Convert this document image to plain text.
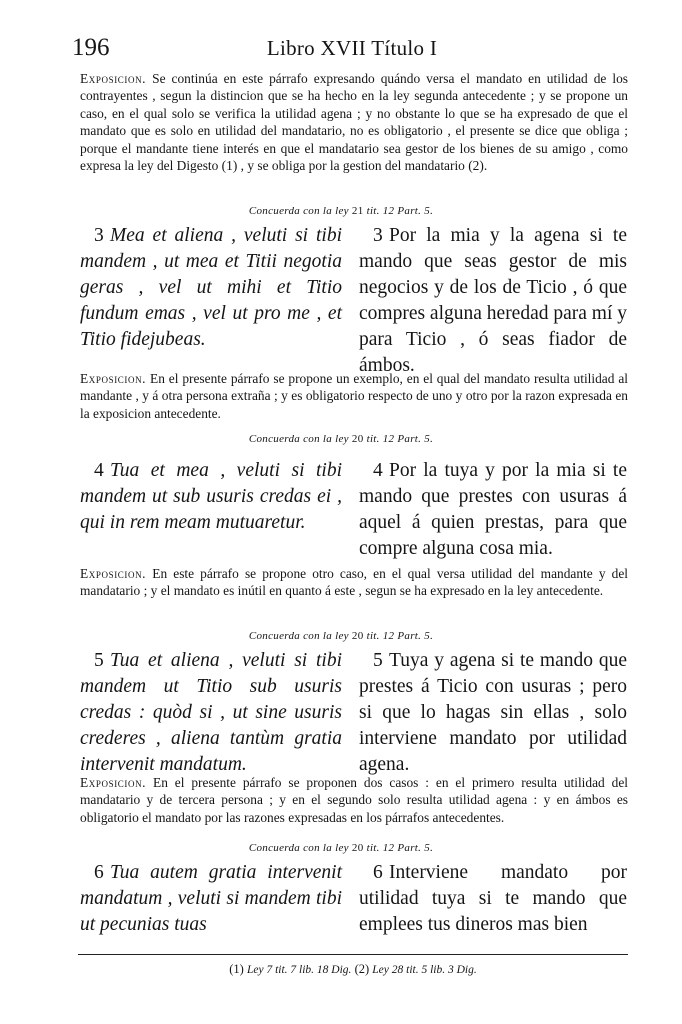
196	Libro XVII Título I

Exposicion. Se continúa en este párrafo expresando quándo versa el mandato en utilidad de los contrayentes , segun la distincion que se ha hecho en la ley segunda antecedente ; y se propone un caso, en el qual solo se verifica la utilidad agena ; y no obstante lo que se ha expresado de que el mandato que es solo en utilidad del mandatario, no es obligatorio , el presente se dice que obliga ; porque el mandante tiene interés en que el mandatario sea gestor de los bienes de su amigo , como expresa la ley del Digesto (1) , y se obliga por la gestion del mandatario (2).

Concuerda con la ley 21 tit. 12 Part. 5.

3 Mea et aliena , veluti si tibi mandem , ut mea et Titii negotia geras , vel ut mihi et Titio fundum emas , vel ut pro me , et Titio fidejubeas.

3 Por la mia y la agena si te mando que seas gestor de mis negocios y de los de Ticio , ó que compres alguna heredad para mí y para Ticio , ó seas fiador de ámbos.

Exposicion. En el presente párrafo se propone un exemplo, en el qual del mandato resulta utilidad al mandante , y á otra persona extraña ; y es obligatorio respecto de uno y otro por la razon expresada en la exposicion antecedente.

Concuerda con la ley 20 tit. 12 Part. 5.

4 Tua et mea , veluti si tibi mandem ut sub usuris credas ei , qui in rem meam mutuaretur.

4 Por la tuya y por la mia si te mando que prestes con usuras á aquel á quien prestas, para que compre alguna cosa mia.

Exposicion. En este párrafo se propone otro caso, en el qual versa utilidad del mandante y del mandatario ; y el mandato es inútil en quanto á este , segun se ha expresado en la ley antecedente.

Concuerda con la ley 20 tit. 12 Part. 5.

5 Tua et aliena , veluti si tibi mandem ut Titio sub usuris credas : quòd si , ut sine usuris crederes , aliena tantùm gratia intervenit mandatum.

5 Tuya y agena si te mando que prestes á Ticio con usuras ; pero si que lo hagas sin ellas , solo interviene mandato por utilidad agena.

Exposicion. En el presente párrafo se proponen dos casos : en el primero resulta utilidad del mandatario y de tercera persona ; y en el segundo solo resulta utilidad agena : y en ámbos es obligatorio el mandato por las razones expresadas en los párrafos antecedentes.

Concuerda con la ley 20 tit. 12 Part. 5.

6 Tua autem gratia intervenit mandatum , veluti si mandem tibi ut pecunias tuas

6 Interviene mandato por utilidad tuya si te mando que emplees tus dineros mas bien

(1) Ley 7 tit. 7 lib. 18 Dig. (2) Ley 28 tit. 5 lib. 3 Dig.
